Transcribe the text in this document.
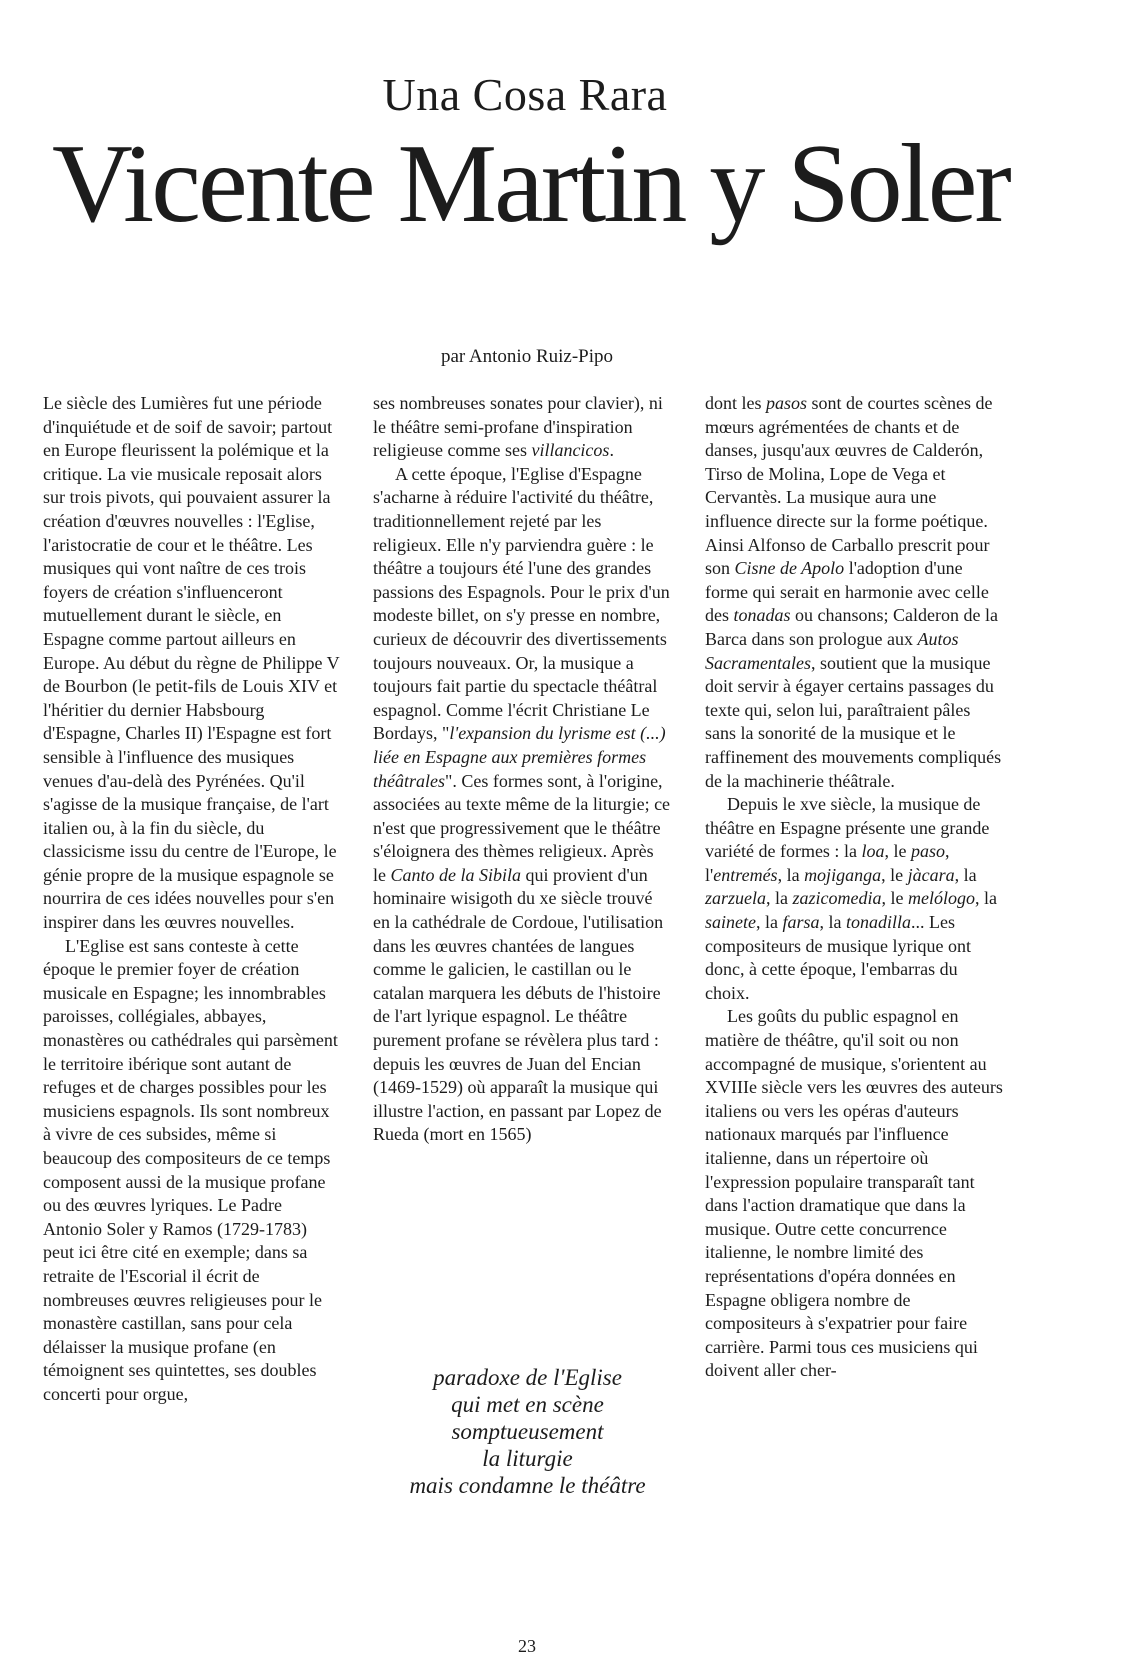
Una Cosa Rara
Vicente Martin y Soler
par Antonio Ruiz-Pipo

Le siècle des Lumières fut une période d'inquiétude et de soif de savoir; partout en Europe fleurissent la polémique et la critique. La vie musicale reposait alors sur trois pivots, qui pouvaient assurer la création d'œuvres nouvelles : l'Eglise, l'aristocratie de cour et le théâtre. Les musiques qui vont naître de ces trois foyers de création s'influenceront mutuellement durant le siècle, en Espagne comme partout ailleurs en Europe. Au début du règne de Philippe V de Bourbon (le petit-fils de Louis XIV et l'héritier du dernier Habsbourg d'Espagne, Charles II) l'Espagne est fort sensible à l'influence des musiques venues d'au-delà des Pyrénées. Qu'il s'agisse de la musique française, de l'art italien ou, à la fin du siècle, du classicisme issu du centre de l'Europe, le génie propre de la musique espagnole se nourrira de ces idées nouvelles pour s'en inspirer dans les œuvres nouvelles.

L'Eglise est sans conteste à cette époque le premier foyer de création musicale en Espagne; les innombrables paroisses, collégiales, abbayes, monastères ou cathédrales qui parsèment le territoire ibérique sont autant de refuges et de charges possibles pour les musiciens espagnols. Ils sont nombreux à vivre de ces subsides, même si beaucoup des compositeurs de ce temps composent aussi de la musique profane ou des œuvres lyriques. Le Padre Antonio Soler y Ramos (1729-1783) peut ici être cité en exemple; dans sa retraite de l'Escorial il écrit de nombreuses œuvres religieuses pour le monastère castillan, sans pour cela délaisser la musique profane (en témoignent ses quintettes, ses doubles concerti pour orgue,

ses nombreuses sonates pour clavier), ni le théâtre semi-profane d'inspiration religieuse comme ses villancicos.

A cette époque, l'Eglise d'Espagne s'acharne à réduire l'activité du théâtre, traditionnellement rejeté par les religieux. Elle n'y parviendra guère : le théâtre a toujours été l'une des grandes passions des Espagnols. Pour le prix d'un modeste billet, on s'y presse en nombre, curieux de découvrir des divertissements toujours nouveaux. Or, la musique a toujours fait partie du spectacle théâtral espagnol. Comme l'écrit Christiane Le Bordays, "l'expansion du lyrisme est (...) liée en Espagne aux premières formes théâtrales". Ces formes sont, à l'origine, associées au texte même de la liturgie; ce n'est que progressivement que le théâtre s'éloignera des thèmes religieux. Après le Canto de la Sibila qui provient d'un hominaire wisigoth du xe siècle trouvé en la cathédrale de Cordoue, l'utilisation dans les œuvres chantées de langues comme le galicien, le castillan ou le catalan marquera les débuts de l'histoire de l'art lyrique espagnol. Le théâtre purement profane se révèlera plus tard : depuis les œuvres de Juan del Encian (1469-1529) où apparaît la musique qui illustre l'action, en passant par Lopez de Rueda (mort en 1565)

dont les pasos sont de courtes scènes de mœurs agrémentées de chants et de danses, jusqu'aux œuvres de Calderón, Tirso de Molina, Lope de Vega et Cervantès. La musique aura une influence directe sur la forme poétique. Ainsi Alfonso de Carballo prescrit pour son Cisne de Apolo l'adoption d'une forme qui serait en harmonie avec celle des tonadas ou chansons; Calderon de la Barca dans son prologue aux Autos Sacramentales, soutient que la musique doit servir à égayer certains passages du texte qui, selon lui, paraîtraient pâles sans la sonorité de la musique et le raffinement des mouvements compliqués de la machinerie théâtrale.

Depuis le xve siècle, la musique de théâtre en Espagne présente une grande variété de formes : la loa, le paso, l'entremés, la mojiganga, le jàcara, la zarzuela, la zazicomedia, le melólogo, la sainete, la farsa, la tonadilla... Les compositeurs de musique lyrique ont donc, à cette époque, l'embarras du choix.

Les goûts du public espagnol en matière de théâtre, qu'il soit ou non accompagné de musique, s'orientent au XVIIIe siècle vers les œuvres des auteurs italiens ou vers les opéras d'auteurs nationaux marqués par l'influence italienne, dans un répertoire où l'expression populaire transparaît tant dans l'action dramatique que dans la musique. Outre cette concurrence italienne, le nombre limité des représentations d'opéra données en Espagne obligera nombre de compositeurs à s'expatrier pour faire carrière. Parmi tous ces musiciens qui doivent aller cher-

paradoxe de l'Eglise
qui met en scène
somptueusement
la liturgie
mais condamne le théâtre
23
